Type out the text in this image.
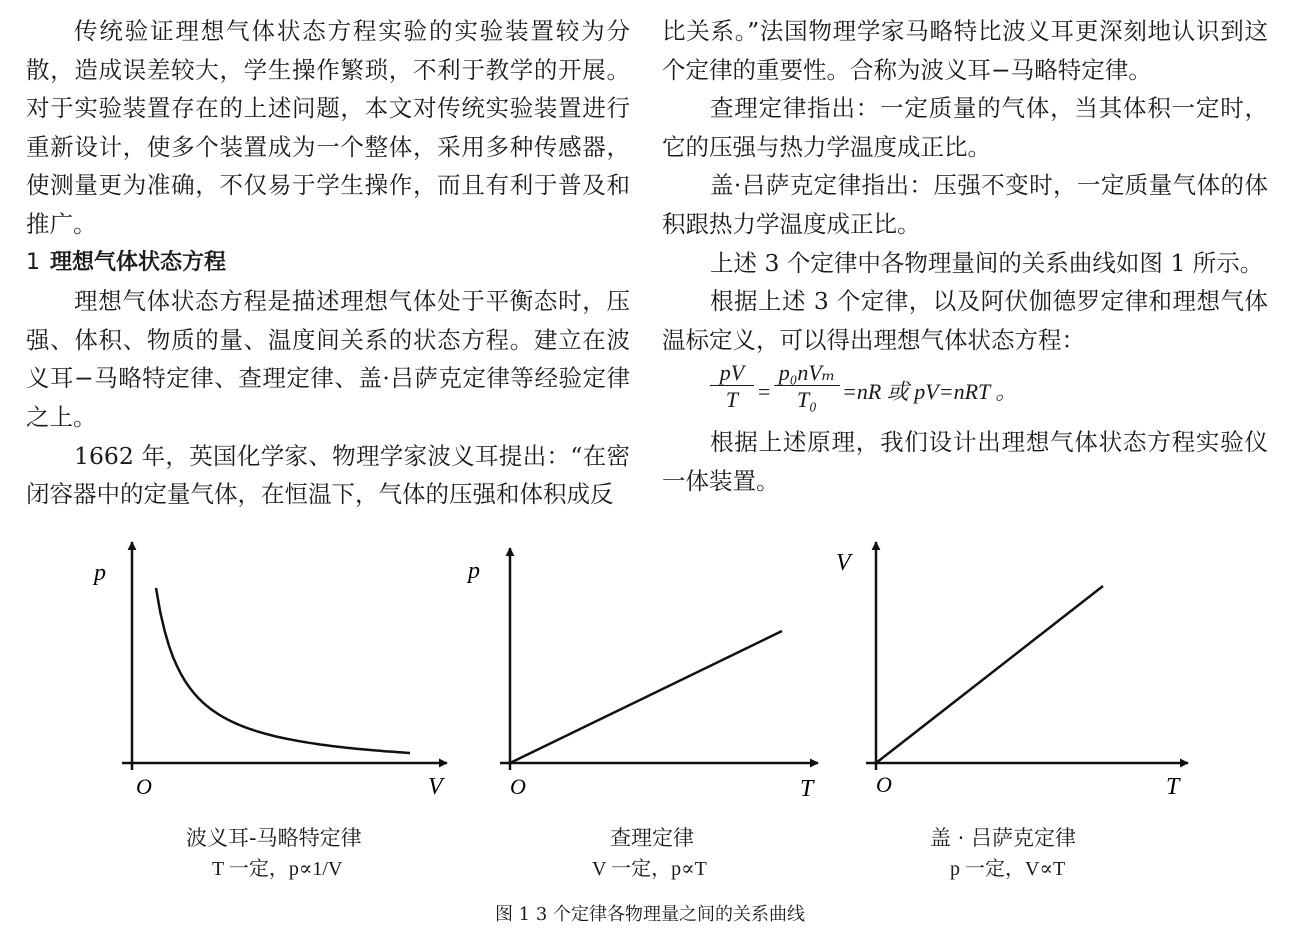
传统验证理想气体状态方程实验的实验装置较为分散，造成误差较大，学生操作繁琐，不利于教学的开展。对于实验装置存在的上述问题，本文对传统实验装置进行重新设计，使多个装置成为一个整体，采用多种传感器，使测量更为准确，不仅易于学生操作，而且有利于普及和推广。

1 理想气体状态方程

理想气体状态方程是描述理想气体处于平衡态时，压强、体积、物质的量、温度间关系的状态方程。建立在波义耳−马略特定律、查理定律、盖·吕萨克定律等经验定律之上。

1662 年，英国化学家、物理学家波义耳提出：“在密闭容器中的定量气体，在恒温下，气体的压强和体积成反

比关系。”法国物理学家马略特比波义耳更深刻地认识到这个定律的重要性。合称为波义耳−马略特定律。

查理定律指出：一定质量的气体，当其体积一定时，它的压强与热力学温度成正比。

盖·吕萨克定律指出：压强不变时，一定质量气体的体积跟热力学温度成正比。

上述 3 个定律中各物理量间的关系曲线如图 1 所示。

根据上述 3 个定律，以及阿伏伽德罗定律和理想气体温标定义，可以得出理想气体状态方程：

$\frac{pV}{T}$ =
p₀nVₘ
T₀	=nR 或 pV=nRT 。

根据上述原理，我们设计出理想气体状态方程实验仪一体装置。

O
p
V	O
p
T	O
V
T
波义耳-马略特定律
T 一定，p∝1/V
查理定律
V 一定，p∝T
盖 · 吕萨克定律
p 一定，V∝T
图 1 3 个定律各物理量之间的关系曲线
